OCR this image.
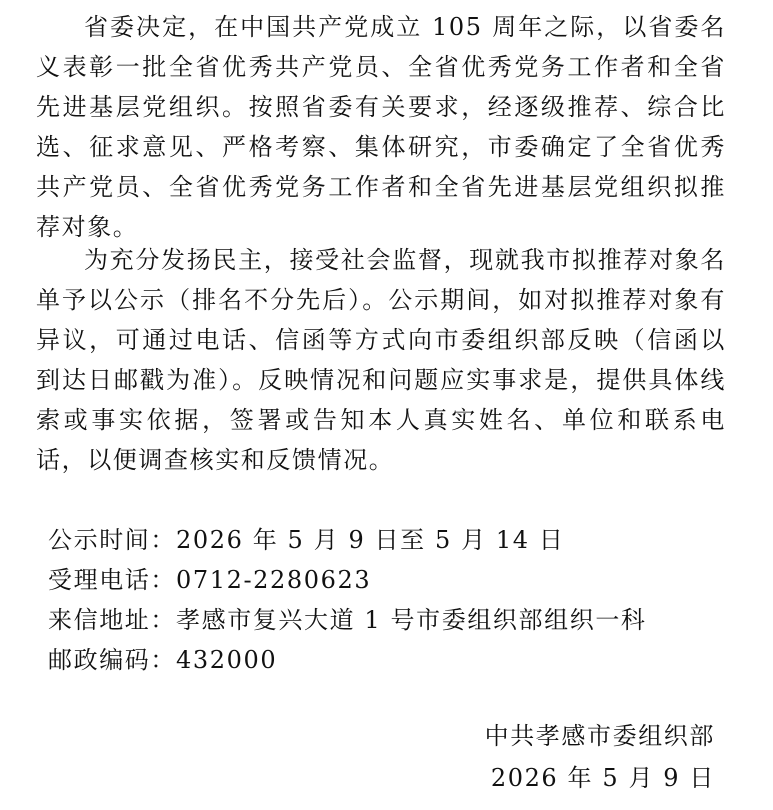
省委决定，在中国共产党成立 105 周年之际，以省委名义表彰一批全省优秀共产党员、全省优秀党务工作者和全省先进基层党组织。按照省委有关要求，经逐级推荐、综合比选、征求意见、严格考察、集体研究，市委确定了全省优秀共产党员、全省优秀党务工作者和全省先进基层党组织拟推荐对象。

为充分发扬民主，接受社会监督，现就我市拟推荐对象名单予以公示（排名不分先后）。公示期间，如对拟推荐对象有异议，可通过电话、信函等方式向市委组织部反映（信函以到达日邮戳为准）。反映情况和问题应实事求是，提供具体线索或事实依据，签署或告知本人真实姓名、单位和联系电话，以便调查核实和反馈情况。

公示时间：2026 年 5 月 9 日至 5 月 14 日
受理电话：0712-2280623
来信地址：孝感市复兴大道 1 号市委组织部组织一科
邮政编码：432000
中共孝感市委组织部
2026 年 5 月 9 日
